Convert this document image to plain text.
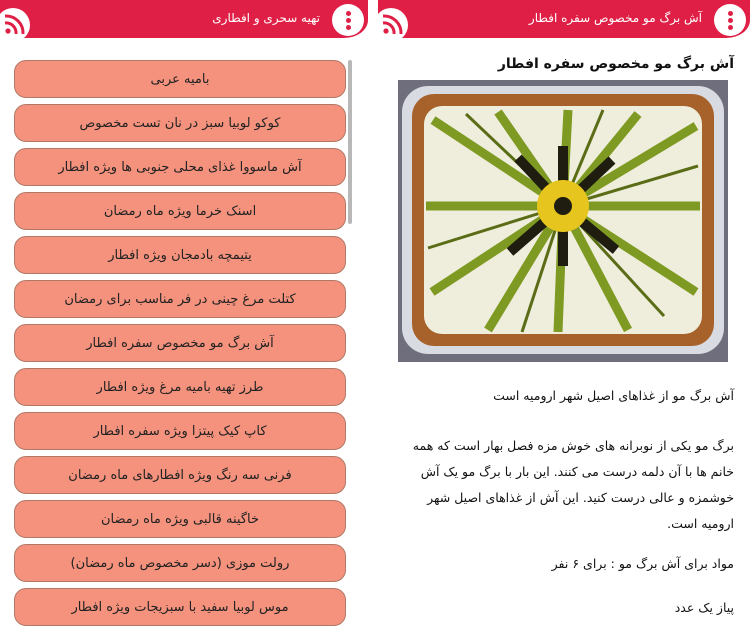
تهیه سحری و افطاری
بامیه عربی
کوکو لوبیا سبز در نان تست مخصوص
آش ماسووا غذای محلی جنوبی ها ویژه افطار
اسنک خرما ویژه ماه رمضان
یتیمچه بادمجان ویژه افطار
کتلت مرغ چینی در فر مناسب برای رمضان
آش برگ مو مخصوص سفره افطار
طرز تهیه بامیه مرغ ویژه افطار
کاپ کیک پیتزا ویژه سفره افطار
فرنی سه رنگ ویژه افطارهای ماه رمضان
خاگینه قالبی ویژه ماه رمضان
رولت موزی (دسر مخصوص ماه رمضان)
موس لوبیا سفید با سبزیجات ویژه افطار
آش برگ مو مخصوص سفره افطار
آش برگ مو مخصوص سفره افطار
آش برگ مو از غذاهای اصیل شهر ارومیه است
برگ مو یکی از نوبرانه های خوش مزه فصل بهار است که همه خانم ها با آن دلمه درست می کنند. این بار با برگ مو یک آش خوشمزه و عالی درست کنید. این آش از غذاهای اصیل شهر ارومیه است.
مواد برای آش برگ مو : برای ۶ نفر
پیاز یک عدد
